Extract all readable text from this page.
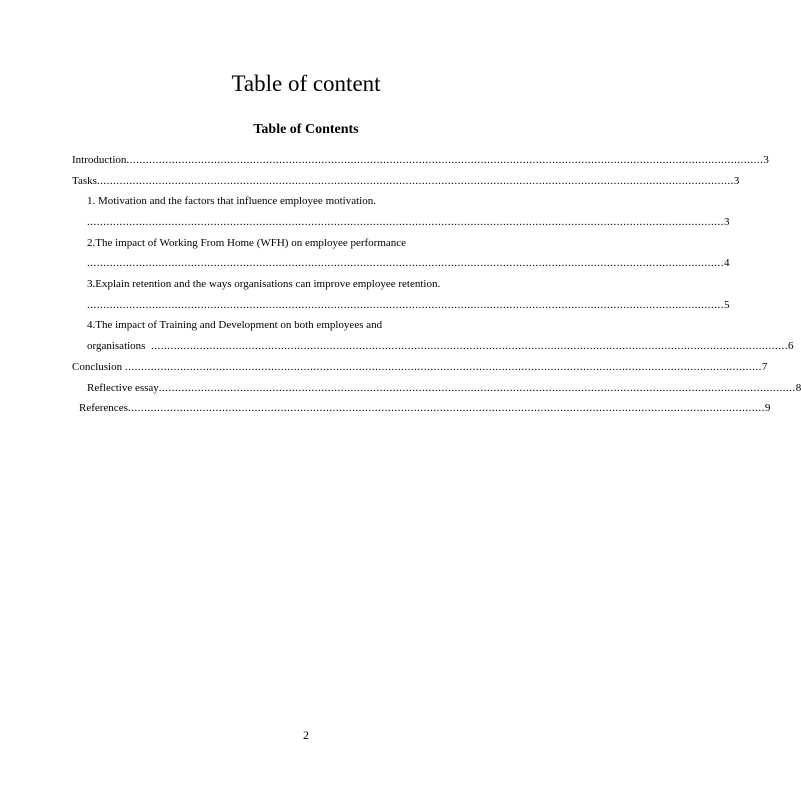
Table of content
Table of Contents
Introduction .................................................................................................................................................................................................... 3
Tasks .................................................................................................................................................................................................... 3
1. Motivation and the factors that influence employee motivation.
.................................................................................................................................................................................................... 3
2.The impact of Working From Home (WFH) on employee performance
.................................................................................................................................................................................................... 4
3.Explain retention and the ways organisations can improve employee retention.
.................................................................................................................................................................................................... 5
4.The impact of Training and Development on both employees and
organisations .................................................................................................................................................................................................... 6
Conclusion .................................................................................................................................................................................................... 7
Reflective essay .................................................................................................................................................................................................... 8
References .................................................................................................................................................................................................... 9
2
